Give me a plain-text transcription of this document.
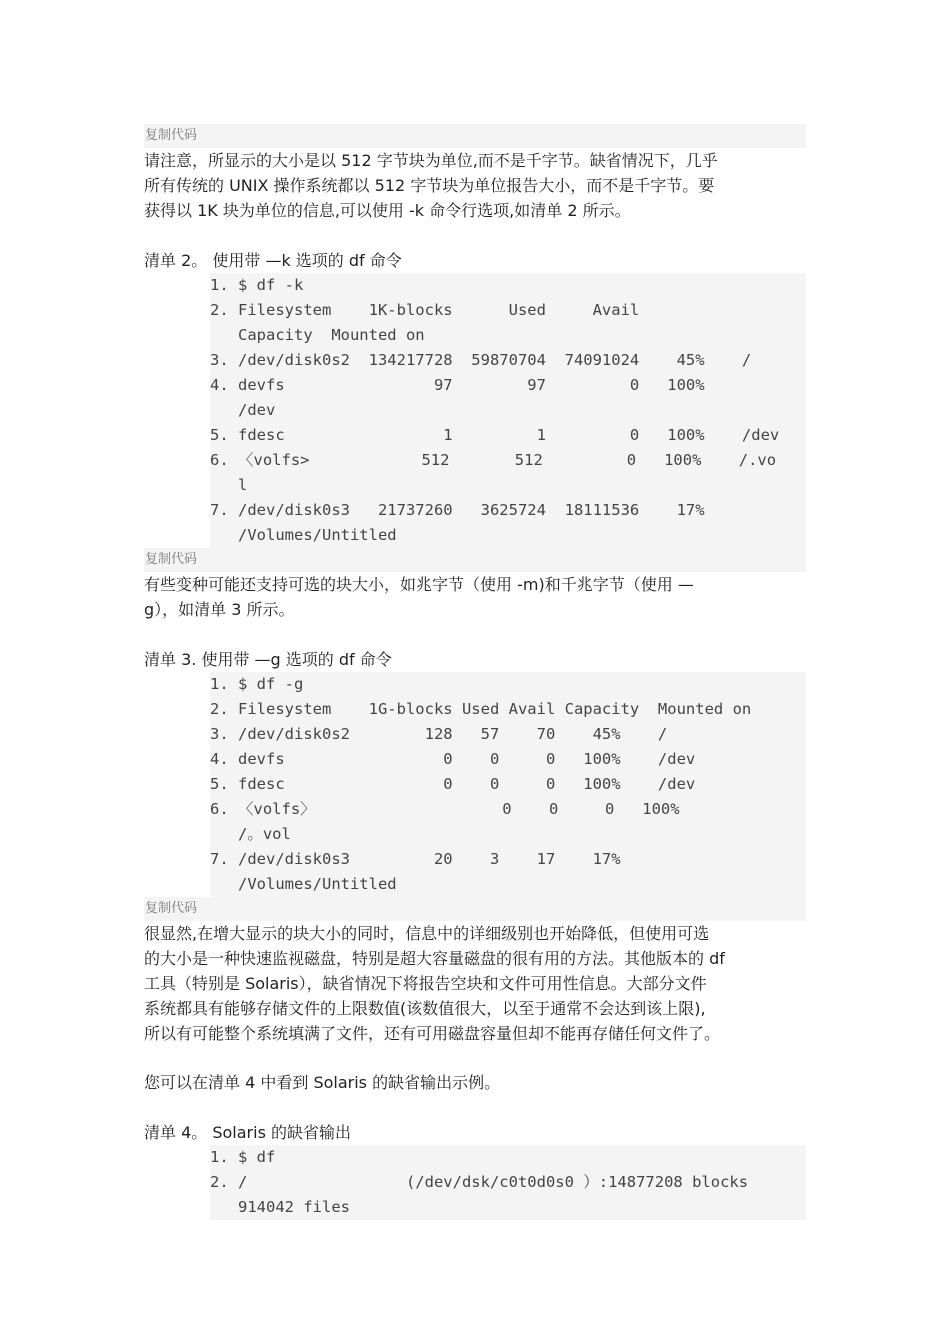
复制代码
请注意，所显示的大小是以 512 字节块为单位,而不是千字节。缺省情况下，几乎
所有传统的 UNIX 操作系统都以 512 字节块为单位报告大小，而不是千字节。要
获得以 1K 块为单位的信息,可以使用 -k 命令行选项,如清单 2 所示。
清单 2。 使用带 —k 选项的 df 命令
1. $ df -k
2. Filesystem    1K-blocks      Used     Avail
Capacity  Mounted on
3. /dev/disk0s2  134217728  59870704  74091024    45%    /
4. devfs                97        97         0   100%
/dev
5. fdesc                 1         1         0   100%    /dev
6. 〈volfs>            512       512         0   100%    /.vo
l
7. /dev/disk0s3   21737260   3625724  18111536    17%
/Volumes/Untitled
复制代码
有些变种可能还支持可选的块大小，如兆字节（使用 -m)和千兆字节（使用 —
g），如清单 3 所示。
清单 3. 使用带 —g 选项的 df 命令
1. $ df -g
2. Filesystem    1G-blocks Used Avail Capacity  Mounted on
3. /dev/disk0s2        128   57    70    45%    /
4. devfs                 0    0     0   100%    /dev
5. fdesc                 0    0     0   100%    /dev
6. 〈volfs〉                    0    0     0   100%
/。vol
7. /dev/disk0s3         20    3    17    17%
/Volumes/Untitled
复制代码
很显然,在增大显示的块大小的同时，信息中的详细级别也开始降低，但使用可选
的大小是一种快速监视磁盘，特别是超大容量磁盘的很有用的方法。其他版本的 df
工具（特别是 Solaris），缺省情况下将报告空块和文件可用性信息。大部分文件
系统都具有能够存储文件的上限数值(该数值很大，以至于通常不会达到该上限),
所以有可能整个系统填满了文件，还有可用磁盘容量但却不能再存储任何文件了。
您可以在清单 4 中看到 Solaris 的缺省输出示例。
清单 4。 Solaris 的缺省输出
1. $ df
2. /                 (/dev/dsk/c0t0d0s0 ）:14877208 blocks
914042 files
